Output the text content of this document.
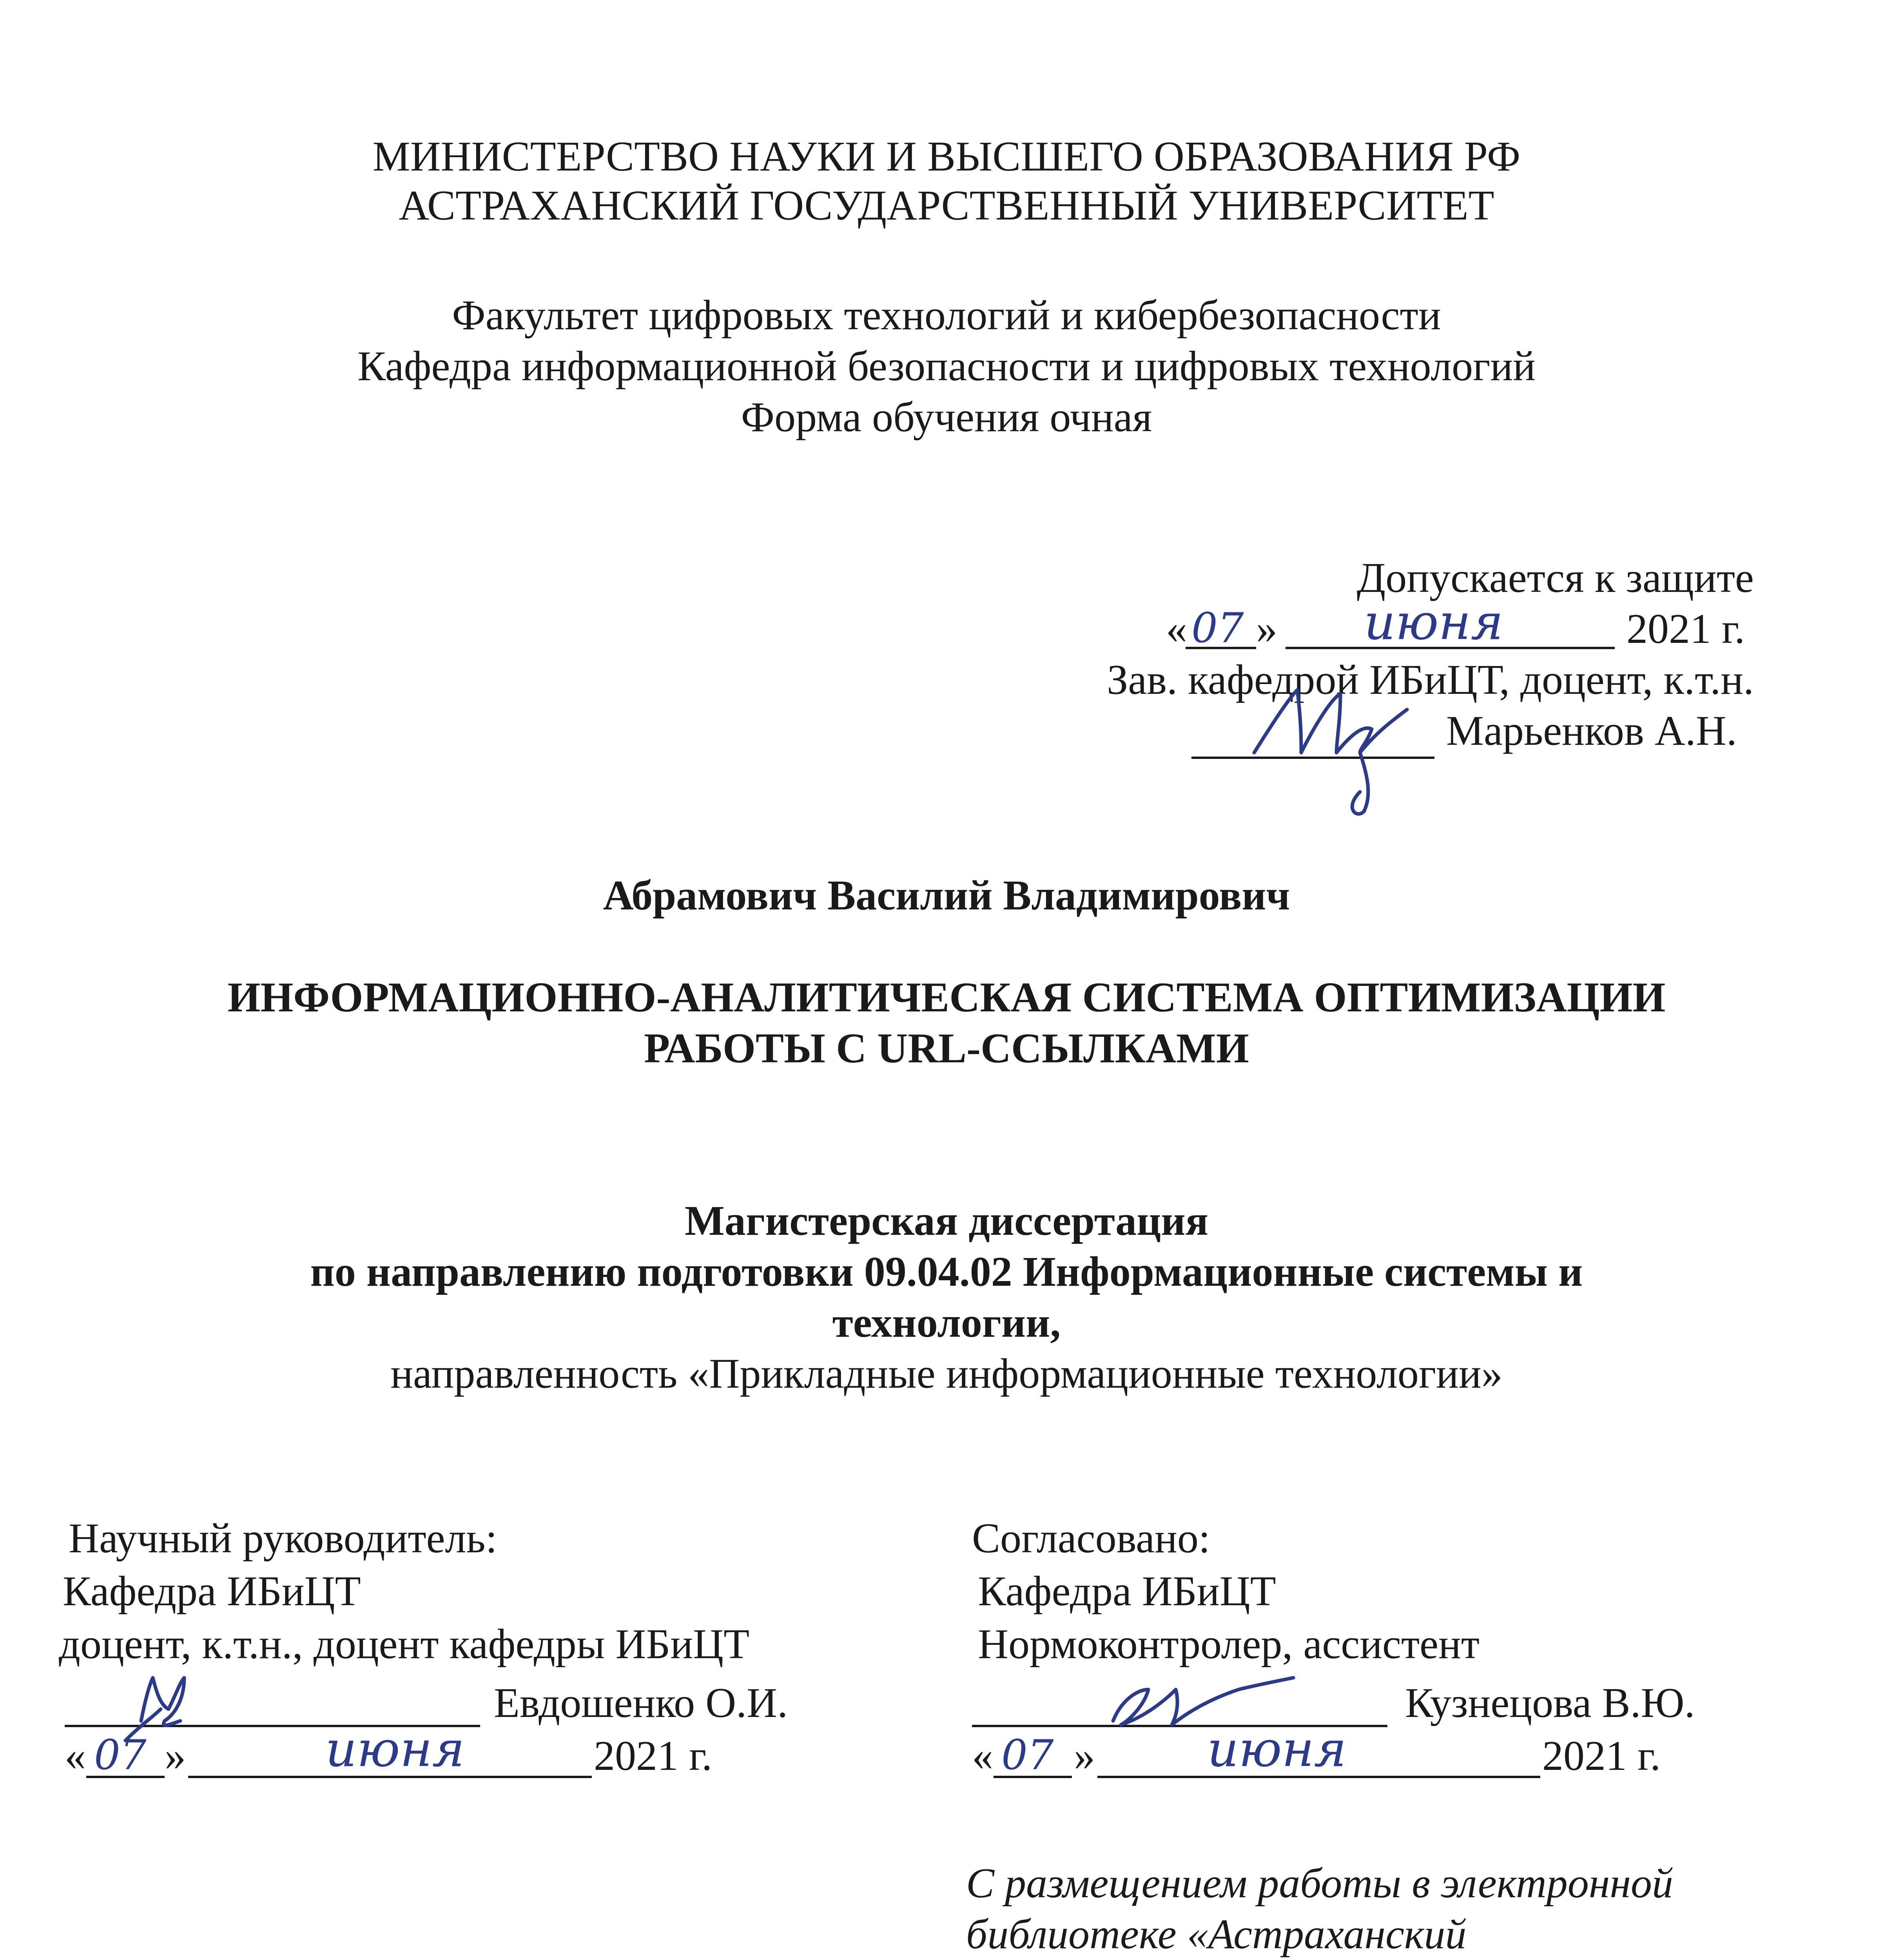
МИНИСТЕРСТВО НАУКИ И ВЫСШЕГО ОБРАЗОВАНИЯ РФ
АСТРАХАНСКИЙ ГОСУДАРСТВЕННЫЙ УНИВЕРСИТЕТ
Факультет цифровых технологий и кибербезопасности
Кафедра информационной безопасности и цифровых технологий
Форма обучения очная
Допускается к защите
« 07 » июня	2021 г.
Зав. кафедрой ИБиЦТ, доцент, к.т.н.
Марьенков А.Н.
Абрамович Василий Владимирович
ИНФОРМАЦИОННО-АНАЛИТИЧЕСКАЯ СИСТЕМА ОПТИМИЗАЦИИ
РАБОТЫ С URL-ССЫЛКАМИ
Магистерская диссертация
по направлению подготовки 09.04.02 Информационные системы и
технологии,
направленность «Прикладные информационные технологии»
Научный руководитель:
Кафедра ИБиЦТ
доцент, к.т.н., доцент кафедры ИБиЦТ
Евдошенко О.И.
« 07 »	июня	2021 г.
Согласовано:
Кафедра ИБиЦТ
Нормоконтролер, ассистент
Кузнецова В.Ю.
« 07 » июня	2021 г.
С размещением работы в электронной
библиотеке «Астраханский
